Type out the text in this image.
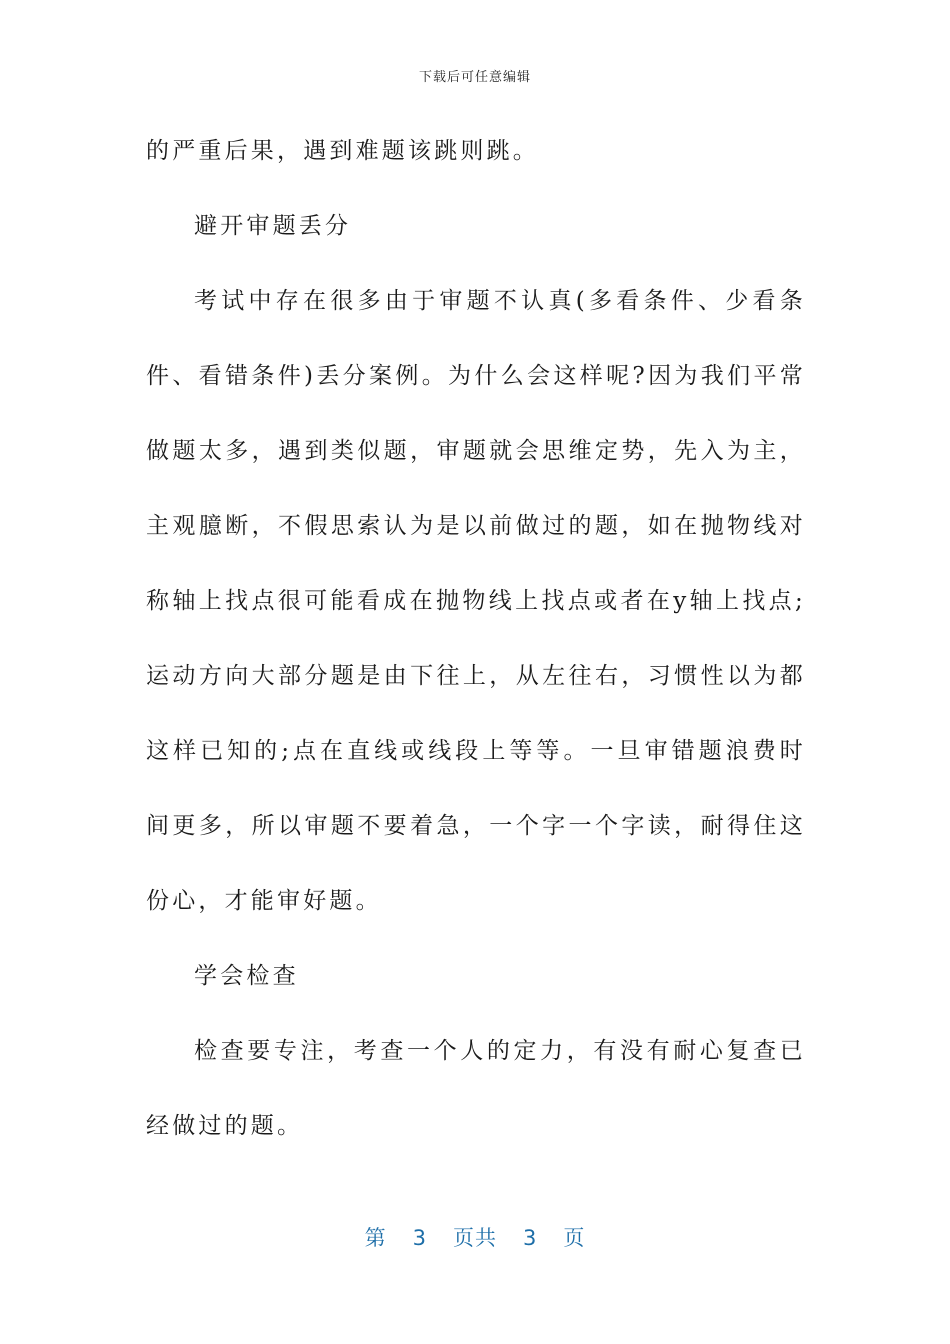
下载后可任意编辑

的严重后果，遇到难题该跳则跳。

避开审题丢分

考试中存在很多由于审题不认真(多看条件、少看条件、看错条件)丢分案例。为什么会这样呢?因为我们平常做题太多，遇到类似题，审题就会思维定势，先入为主，主观臆断，不假思索认为是以前做过的题，如在抛物线对称轴上找点很可能看成在抛物线上找点或者在y轴上找点;运动方向大部分题是由下往上，从左往右，习惯性以为都这样已知的;点在直线或线段上等等。一旦审错题浪费时间更多，所以审题不要着急，一个字一个字读，耐得住这份心，才能审好题。

学会检查

检查要专注，考查一个人的定力，有没有耐心复查已经做过的题。

第 3 页共 3 页
